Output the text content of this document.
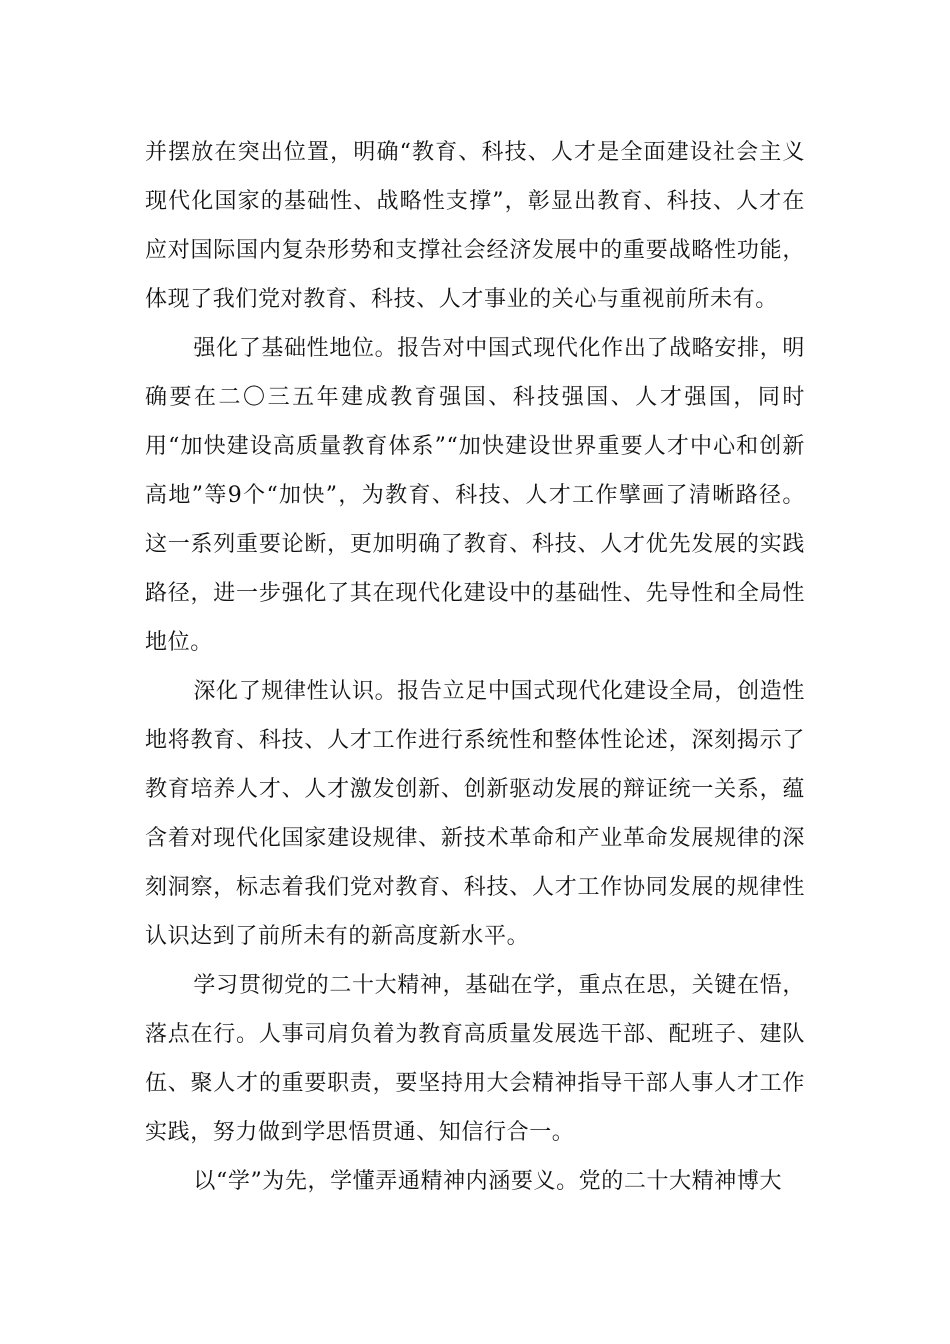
并摆放在突出位置，明确“教育、科技、人才是全面建设社会主义现代化国家的基础性、战略性支撑”，彰显出教育、科技、人才在应对国际国内复杂形势和支撑社会经济发展中的重要战略性功能，体现了我们党对教育、科技、人才事业的关心与重视前所未有。

强化了基础性地位。报告对中国式现代化作出了战略安排，明确要在二〇三五年建成教育强国、科技强国、人才强国，同时用“加快建设高质量教育体系”“加快建设世界重要人才中心和创新高地”等9个“加快”，为教育、科技、人才工作擘画了清晰路径。这一系列重要论断，更加明确了教育、科技、人才优先发展的实践路径，进一步强化了其在现代化建设中的基础性、先导性和全局性地位。

深化了规律性认识。报告立足中国式现代化建设全局，创造性地将教育、科技、人才工作进行系统性和整体性论述，深刻揭示了教育培养人才、人才激发创新、创新驱动发展的辩证统一关系，蕴含着对现代化国家建设规律、新技术革命和产业革命发展规律的深刻洞察，标志着我们党对教育、科技、人才工作协同发展的规律性认识达到了前所未有的新高度新水平。

学习贯彻党的二十大精神，基础在学，重点在思，关键在悟，落点在行。人事司肩负着为教育高质量发展选干部、配班子、建队伍、聚人才的重要职责，要坚持用大会精神指导干部人事人才工作实践，努力做到学思悟贯通、知信行合一。

以“学”为先，学懂弄通精神内涵要义。党的二十大精神博大
